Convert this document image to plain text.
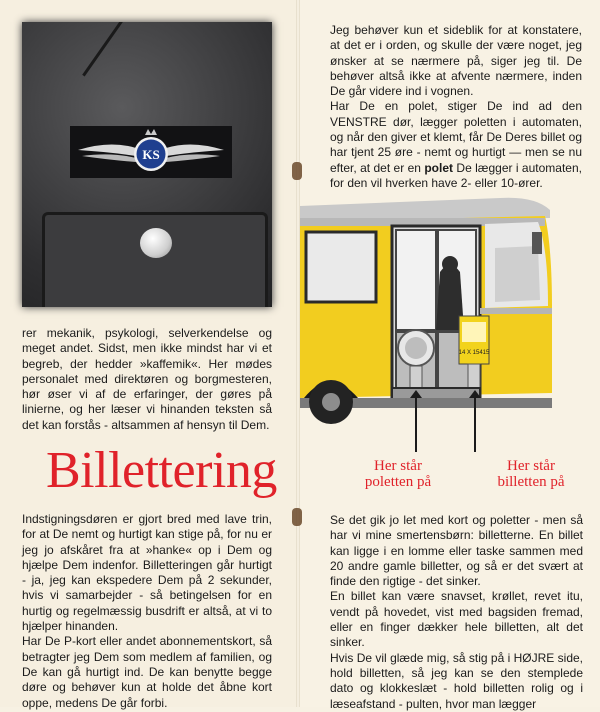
KS

rer mekanik, psykologi, selverkendelse og meget andet. Sidst, men ikke mindst har vi et begreb, der hedder »kaffemik«. Her mødes personalet med direktøren og borgmesteren, hør øser vi af de erfaringer, der gøres på linierne, og her læser vi hinanden teksten så det kan forstås - altsammen af hensyn til Dem.

Billettering

Indstigningsdøren er gjort bred med lave trin, for at De nemt og hurtigt kan stige på, for nu er jeg jo afskåret fra at »hanke« op i Dem og hjælpe Dem indenfor. Billetteringen går hurtigt - ja, jeg kan ekspedere Dem på 2 sekunder, hvis vi samarbejder - så betingelsen for en hurtig og regelmæssig busdrift er altså, at vi to hjælper hinanden.

Har De P-kort eller andet abonnementskort, så betragter jeg Dem som medlem af familien, og De kan gå hurtigt ind. De kan benytte begge døre og behøver kun at holde det åbne kort oppe, medens De går forbi.

Jeg behøver kun et sideblik for at konstatere, at det er i orden, og skulle der være noget, jeg ønsker at se nærmere på, siger jeg til. De behøver altså ikke at afvente nærmere, inden De går videre ind i vognen.

Har De en polet, stiger De ind ad den VENSTRE dør, lægger poletten i automaten, og når den giver et klemt, får De Deres billet og har tjent 25 øre - nemt og hurtigt — men se nu efter, at det er en polet De lægger i automaten, for den vil hverken have 2- eller 10-ører.

14 X 15415
Her står
poletten på
Her står
billetten på

Se det gik jo let med kort og poletter - men så har vi mine smertensbørn: billetterne. En billet kan ligge i en lomme eller taske sammen med 20 andre gamle billetter, og så er det svært at finde den rigtige - det sinker.

En billet kan være snavset, krøllet, revet itu, vendt på hovedet, vist med bagsiden fremad, eller en finger dækker hele billetten, alt det sinker.

Hvis De vil glæde mig, så stig på i HØJRE side, hold billetten, så jeg kan se den stemplede dato og klokkeslæt - hold billetten rolig og i læseafstand - pulten, hvor man lægger
